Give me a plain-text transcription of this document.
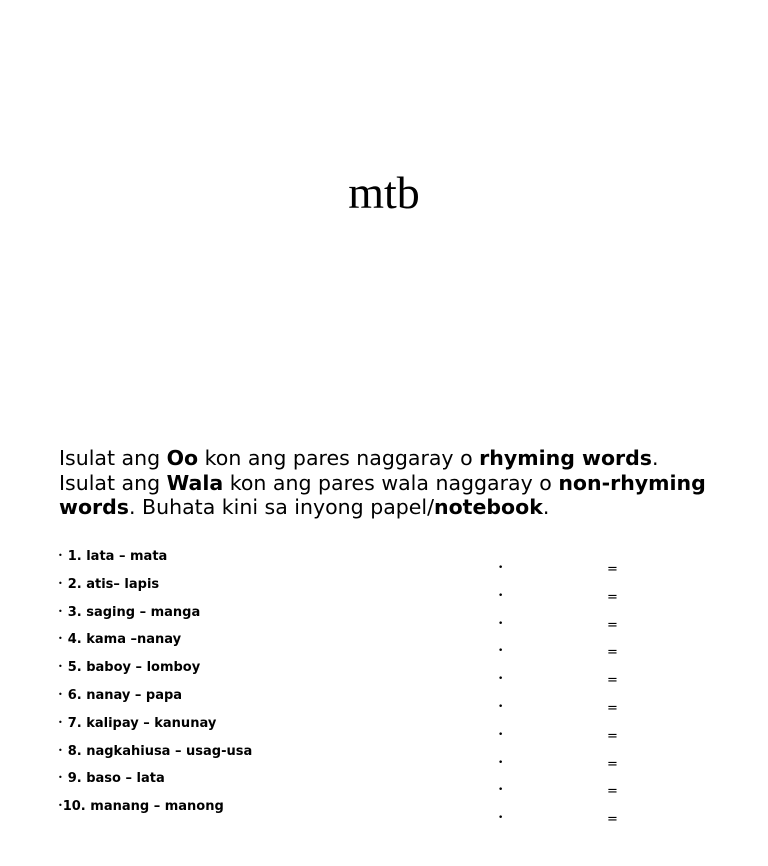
mtb
Isulat ang Oo kon ang pares naggaray o rhyming words. Isulat ang Wala kon ang pares wala naggaray o non-rhyming words. Buhata kini sa inyong papel/notebook.
• 1. lata – mata
• 2. atis– lapis
• 3. saging – manga
• 4. kama –nanay
• 5. baboy – lomboy
• 6. nanay – papa
• 7. kalipay – kanunay
• 8. nagkahiusa – usag-usa
• 9. baso – lata
•10. manang – manong
•	=
•	=
•	=
•	=
•	=
•	=
•	=
•	=
•	=
•	=
